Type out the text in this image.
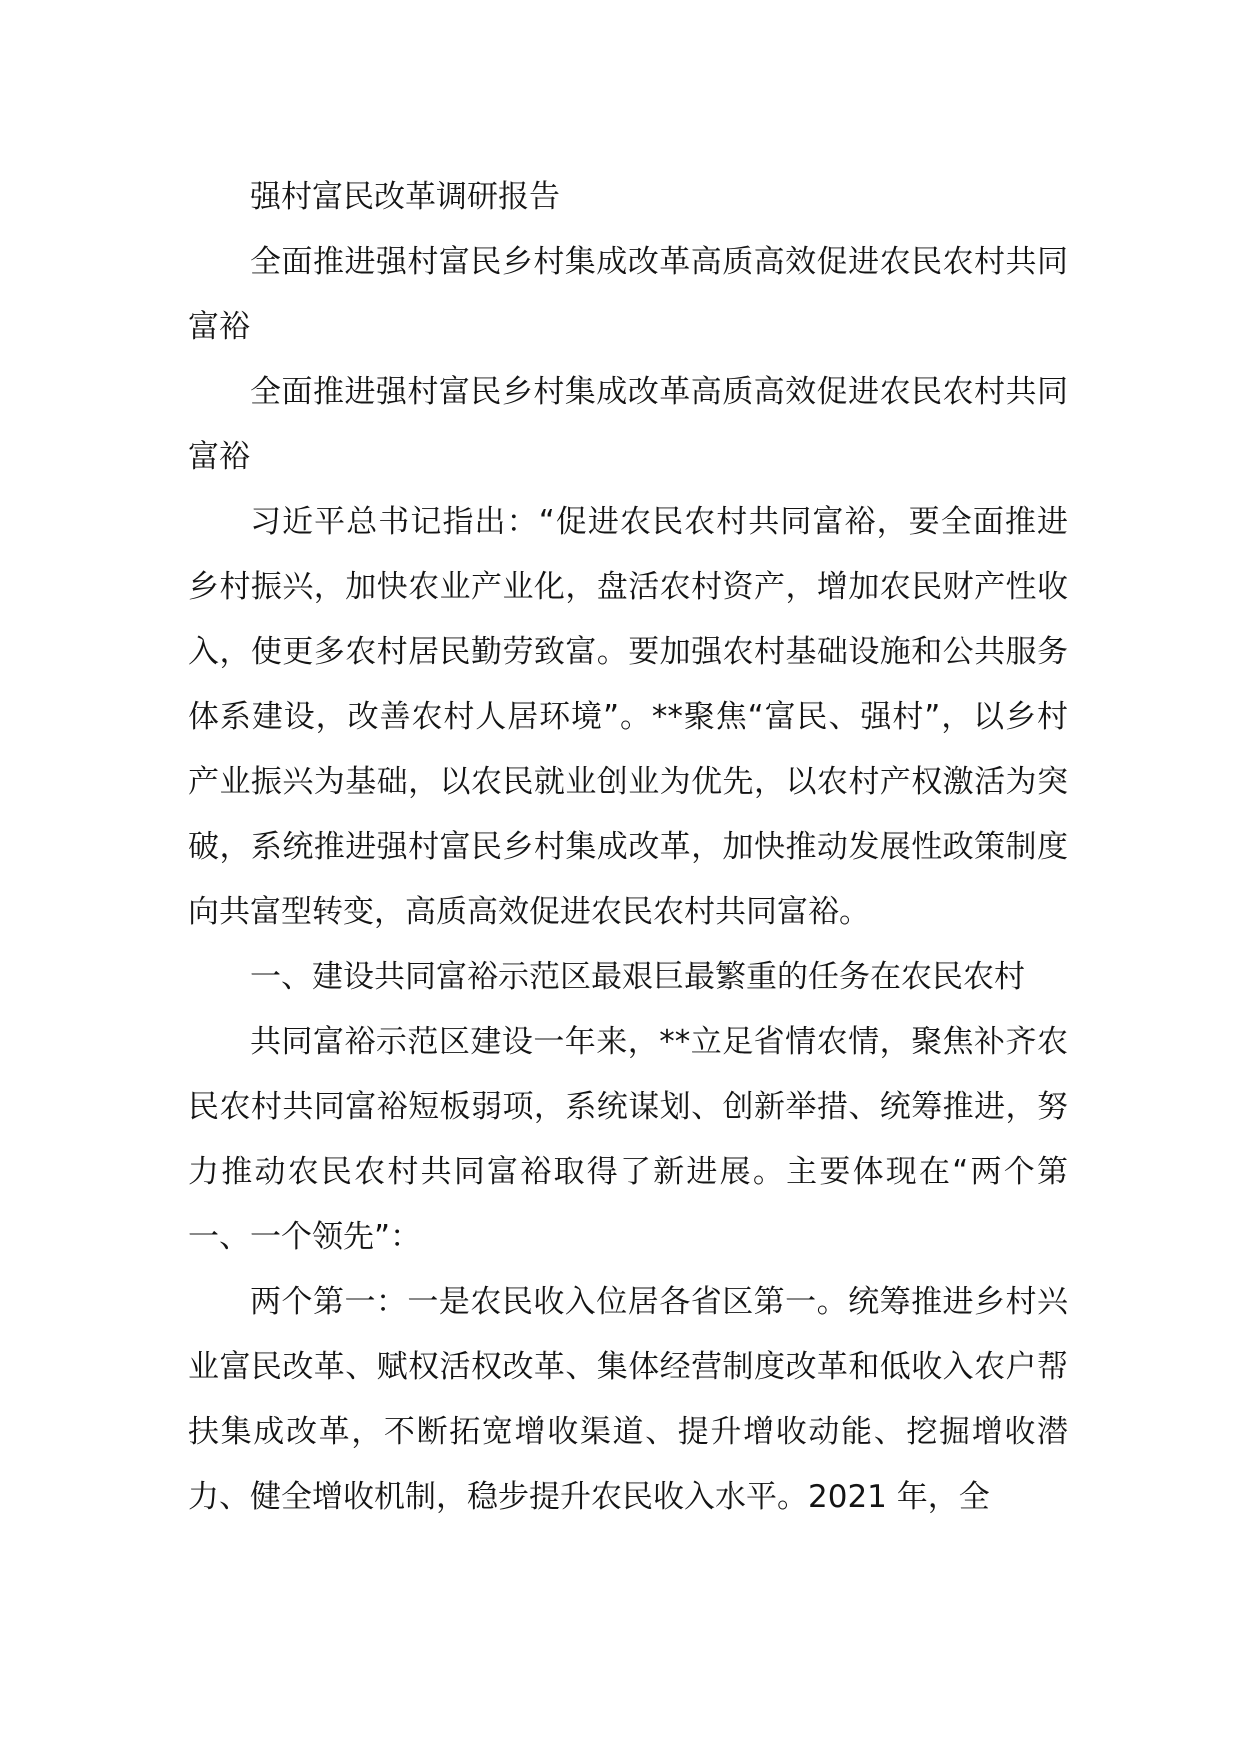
强村富民改革调研报告

全面推进强村富民乡村集成改革高质高效促进农民农村共同富裕

全面推进强村富民乡村集成改革高质高效促进农民农村共同富裕

习近平总书记指出：“促进农民农村共同富裕，要全面推进乡村振兴，加快农业产业化，盘活农村资产，增加农民财产性收入，使更多农村居民勤劳致富。要加强农村基础设施和公共服务体系建设，改善农村人居环境”。**聚焦“富民、强村”，以乡村产业振兴为基础，以农民就业创业为优先，以农村产权激活为突破，系统推进强村富民乡村集成改革，加快推动发展性政策制度向共富型转变，高质高效促进农民农村共同富裕。

一、建设共同富裕示范区最艰巨最繁重的任务在农民农村

共同富裕示范区建设一年来，**立足省情农情，聚焦补齐农民农村共同富裕短板弱项，系统谋划、创新举措、统筹推进，努力推动农民农村共同富裕取得了新进展。主要体现在“两个第一、一个领先”：

两个第一：一是农民收入位居各省区第一。统筹推进乡村兴业富民改革、赋权活权改革、集体经营制度改革和低收入农户帮扶集成改革，不断拓宽增收渠道、提升增收动能、挖掘增收潜力、健全增收机制，稳步提升农民收入水平。2021 年，全
